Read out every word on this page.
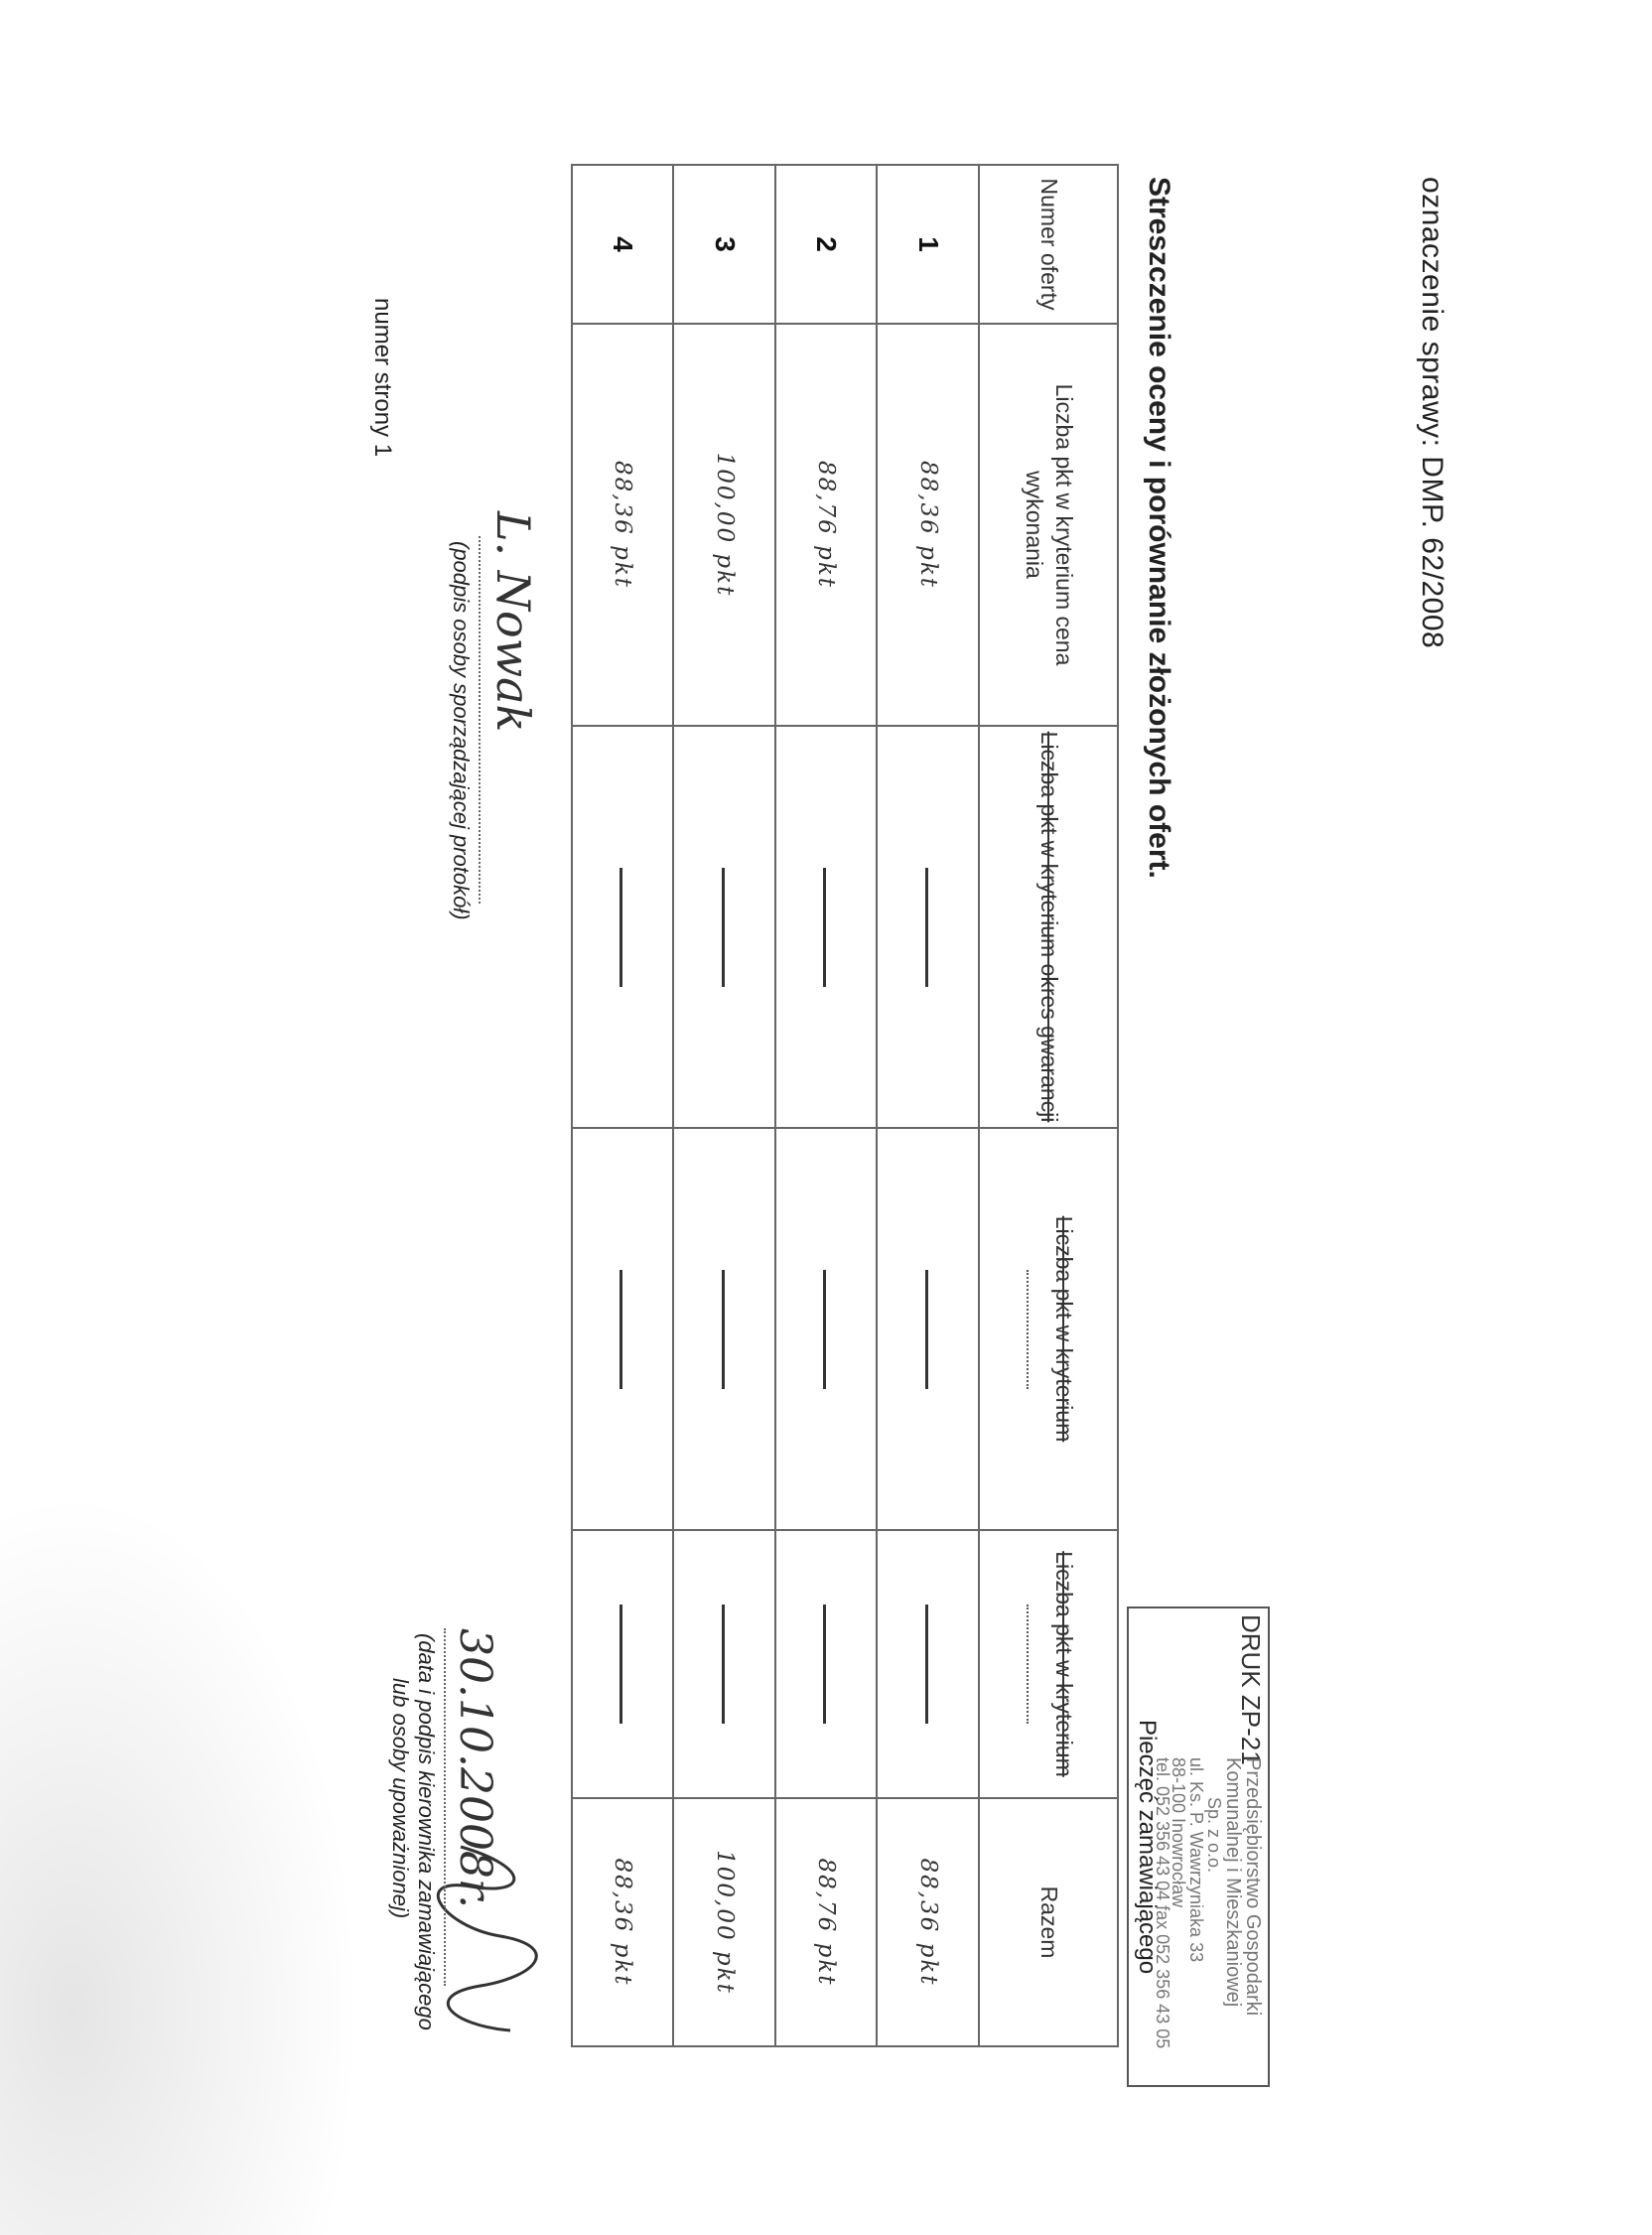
oznaczenie sprawy: DMP. 62/2008
Streszczenie oceny i porównanie złożonych ofert.
DRUK ZP-21
Przedsiębiorstwo Gospodarki
Komunalnej i Mieszkaniowej
Sp. z o.o.
ul. Ks. P. Wawrzyniaka 33
88-100 Inowrocław
tel. 052 356 43 04 fax 052 356 43 05
Pieczęć zamawiającego
Numer oferty	Liczba pkt w kryterium cena wykonania	Liczba pkt w kryterium okres gwarancji	Liczba pkt w kryterium	Liczba pkt w kryterium	Razem
1	88,36 pkt				88,36 pkt
2	88,76 pkt				88,76 pkt
3	100,00 pkt				100,00 pkt
4	88,36 pkt				88,36 pkt
L. Nowak
(podpis osoby sporządzającej protokół)
30.10.2008r.
(data i podpis kierownika zamawiającego
lub osoby upoważnionej)
numer strony 1
